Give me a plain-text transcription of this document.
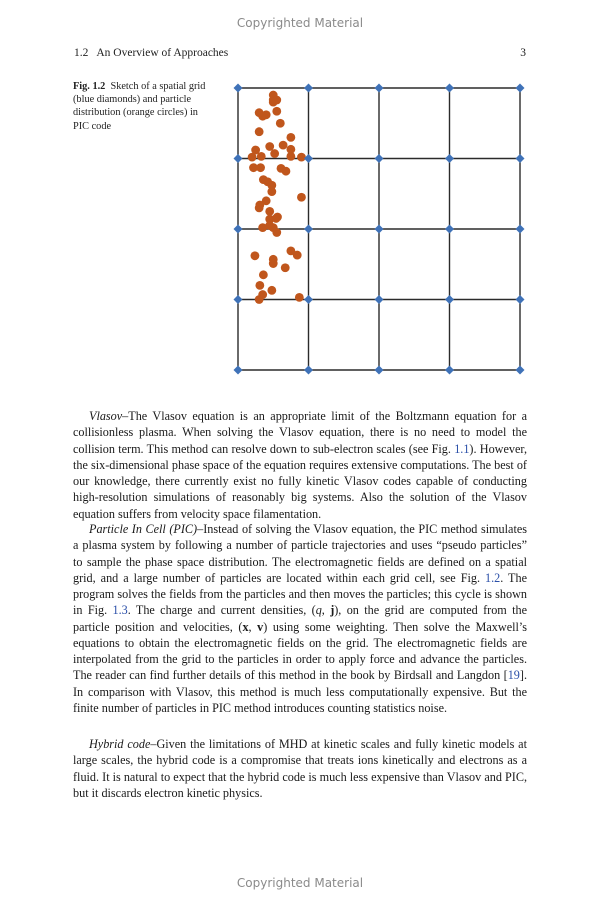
Copyrighted Material
1.2   An Overview of Approaches	3
Fig. 1.2 Sketch of a spatial grid (blue diamonds) and particle distribution (orange circles) in PIC code

Vlasov–The Vlasov equation is an appropriate limit of the Boltzmann equation for a collisionless plasma. When solving the Vlasov equation, there is no need to model the collision term. This method can resolve down to sub-electron scales (see Fig. 1.1). However, the six-dimensional phase space of the equation requires extensive computations. The best of our knowledge, there currently exist no fully kinetic Vlasov codes capable of conducting high-resolution simulations of reasonably big systems. Also the solution of the Vlasov equation suffers from velocity space filamentation.

Particle In Cell (PIC)–Instead of solving the Vlasov equation, the PIC method simulates a plasma system by following a number of particle trajectories and uses “pseudo particles” to sample the phase space distribution. The electromagnetic fields are defined on a spatial grid, and a large number of particles are located within each grid cell, see Fig. 1.2. The program solves the fields from the particles and then moves the particles; this cycle is shown in Fig. 1.3. The charge and current densities, (q, j), on the grid are computed from the particle position and velocities, (x, v) using some weighting. Then solve the Maxwell’s equations to obtain the electromagnetic fields on the grid. The electromagnetic fields are interpolated from the grid to the particles in order to apply force and advance the particles. The reader can find further details of this method in the book by Birdsall and Langdon [19]. In comparison with Vlasov, this method is much less computationally expensive. But the finite number of particles in PIC method introduces counting statistics noise.

Hybrid code–Given the limitations of MHD at kinetic scales and fully kinetic models at large scales, the hybrid code is a compromise that treats ions kinetically and electrons as a fluid. It is natural to expect that the hybrid code is much less expensive than Vlasov and PIC, but it discards electron kinetic physics.

Copyrighted Material
